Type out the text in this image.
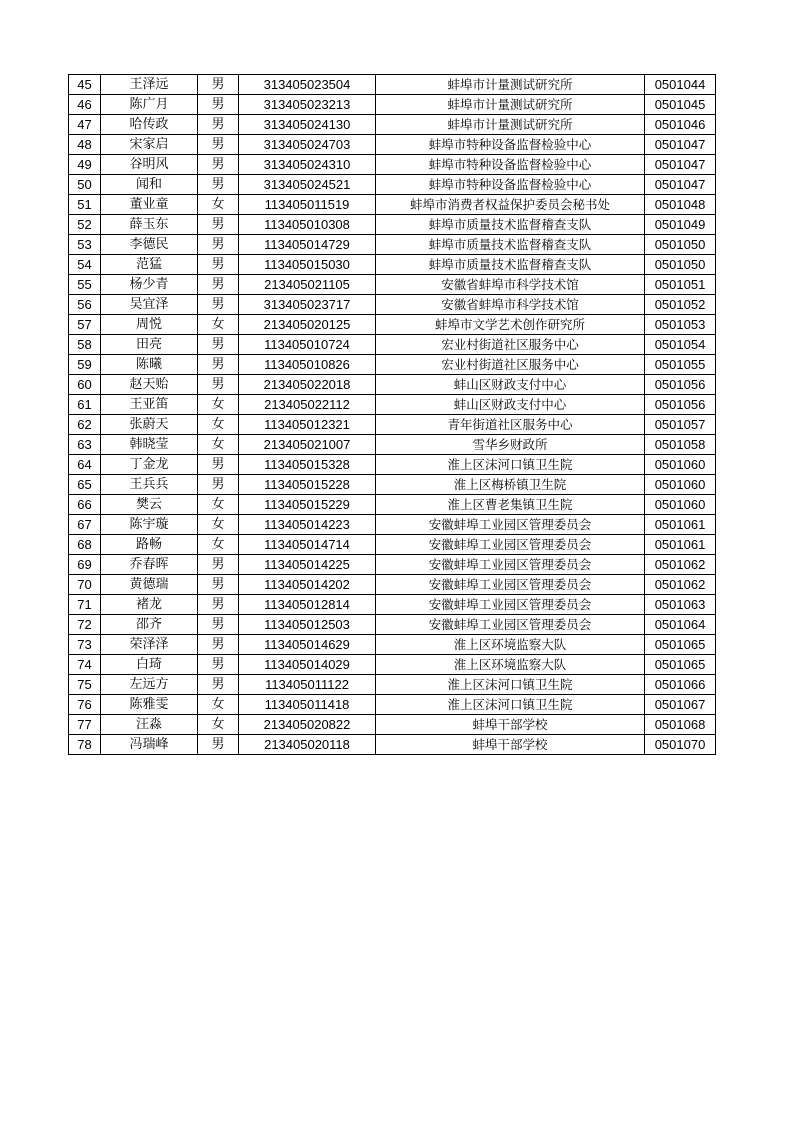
45	王泽远	男	313405023504	蚌埠市计量测试研究所	0501044
46	陈广月	男	313405023213	蚌埠市计量测试研究所	0501045
47	哈传政	男	313405024130	蚌埠市计量测试研究所	0501046
48	宋家启	男	313405024703	蚌埠市特种设备监督检验中心	0501047
49	谷明风	男	313405024310	蚌埠市特种设备监督检验中心	0501047
50	闻和	男	313405024521	蚌埠市特种设备监督检验中心	0501047
51	董业童	女	113405011519	蚌埠市消费者权益保护委员会秘书处	0501048
52	薛玉东	男	113405010308	蚌埠市质量技术监督稽查支队	0501049
53	李德民	男	113405014729	蚌埠市质量技术监督稽查支队	0501050
54	范猛	男	113405015030	蚌埠市质量技术监督稽查支队	0501050
55	杨少青	男	213405021105	安徽省蚌埠市科学技术馆	0501051
56	吴宜泽	男	313405023717	安徽省蚌埠市科学技术馆	0501052
57	周悦	女	213405020125	蚌埠市文学艺术创作研究所	0501053
58	田亮	男	113405010724	宏业村街道社区服务中心	0501054
59	陈曦	男	113405010826	宏业村街道社区服务中心	0501055
60	赵天贻	男	213405022018	蚌山区财政支付中心	0501056
61	王亚笛	女	213405022112	蚌山区财政支付中心	0501056
62	张蔚天	女	113405012321	青年街道社区服务中心	0501057
63	韩晓莹	女	213405021007	雪华乡财政所	0501058
64	丁金龙	男	113405015328	淮上区沫河口镇卫生院	0501060
65	王兵兵	男	113405015228	淮上区梅桥镇卫生院	0501060
66	樊云	女	113405015229	淮上区曹老集镇卫生院	0501060
67	陈宇璇	女	113405014223	安徽蚌埠工业园区管理委员会	0501061
68	路畅	女	113405014714	安徽蚌埠工业园区管理委员会	0501061
69	乔春晖	男	113405014225	安徽蚌埠工业园区管理委员会	0501062
70	黄德瑞	男	113405014202	安徽蚌埠工业园区管理委员会	0501062
71	褚龙	男	113405012814	安徽蚌埠工业园区管理委员会	0501063
72	邵齐	男	113405012503	安徽蚌埠工业园区管理委员会	0501064
73	荣泽泽	男	113405014629	淮上区环境监察大队	0501065
74	白琦	男	113405014029	淮上区环境监察大队	0501065
75	左远方	男	113405011122	淮上区沫河口镇卫生院	0501066
76	陈雅雯	女	113405011418	淮上区沫河口镇卫生院	0501067
77	汪淼	女	213405020822	蚌埠干部学校	0501068
78	冯瑞峰	男	213405020118	蚌埠干部学校	0501070
